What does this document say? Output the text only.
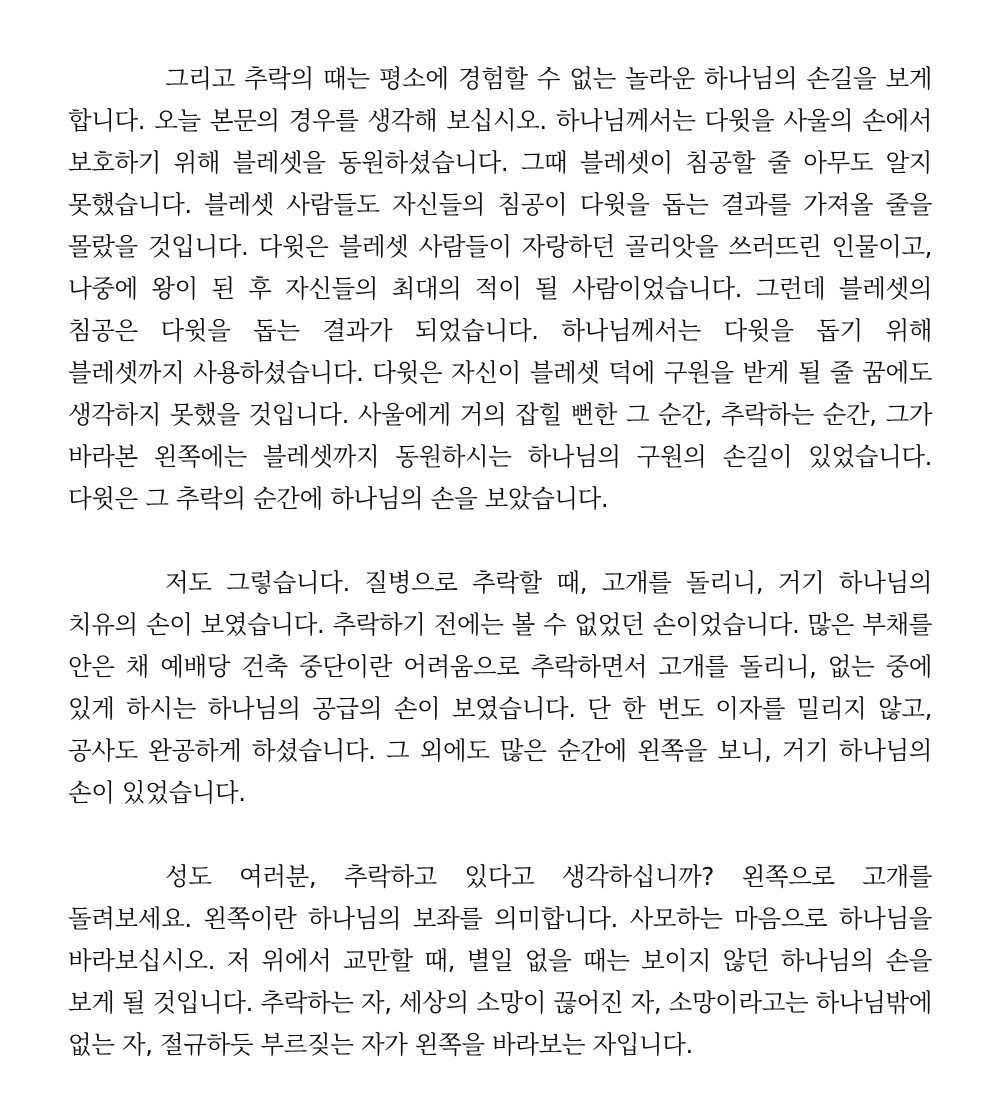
그리고 추락의 때는 평소에 경험할 수 없는 놀라운 하나님의 손길을 보게 합니다. 오늘 본문의 경우를 생각해 보십시오. 하나님께서는 다윗을 사울의 손에서 보호하기 위해 블레셋을 동원하셨습니다. 그때 블레셋이 침공할 줄 아무도 알지 못했습니다. 블레셋 사람들도 자신들의 침공이 다윗을 돕는 결과를 가져올 줄을 몰랐을 것입니다. 다윗은 블레셋 사람들이 자랑하던 골리앗을 쓰러뜨린 인물이고, 나중에 왕이 된 후 자신들의 최대의 적이 될 사람이었습니다. 그런데 블레셋의 침공은 다윗을 돕는 결과가 되었습니다. 하나님께서는 다윗을 돕기 위해 블레셋까지 사용하셨습니다. 다윗은 자신이 블레셋 덕에 구원을 받게 될 줄 꿈에도 생각하지 못했을 것입니다. 사울에게 거의 잡힐 뻔한 그 순간, 추락하는 순간, 그가 바라본 왼쪽에는 블레셋까지 동원하시는 하나님의 구원의 손길이 있었습니다. 다윗은 그 추락의 순간에 하나님의 손을 보았습니다.

저도 그렇습니다. 질병으로 추락할 때, 고개를 돌리니, 거기 하나님의 치유의 손이 보였습니다. 추락하기 전에는 볼 수 없었던 손이었습니다. 많은 부채를 안은 채 예배당 건축 중단이란 어려움으로 추락하면서 고개를 돌리니, 없는 중에 있게 하시는 하나님의 공급의 손이 보였습니다. 단 한 번도 이자를 밀리지 않고, 공사도 완공하게 하셨습니다. 그 외에도 많은 순간에 왼쪽을 보니, 거기 하나님의 손이 있었습니다.

성도 여러분, 추락하고 있다고 생각하십니까? 왼쪽으로 고개를 돌려보세요. 왼쪽이란 하나님의 보좌를 의미합니다. 사모하는 마음으로 하나님을 바라보십시오. 저 위에서 교만할 때, 별일 없을 때는 보이지 않던 하나님의 손을 보게 될 것입니다. 추락하는 자, 세상의 소망이 끊어진 자, 소망이라고는 하나님밖에 없는 자, 절규하듯 부르짖는 자가 왼쪽을 바라보는 자입니다.
